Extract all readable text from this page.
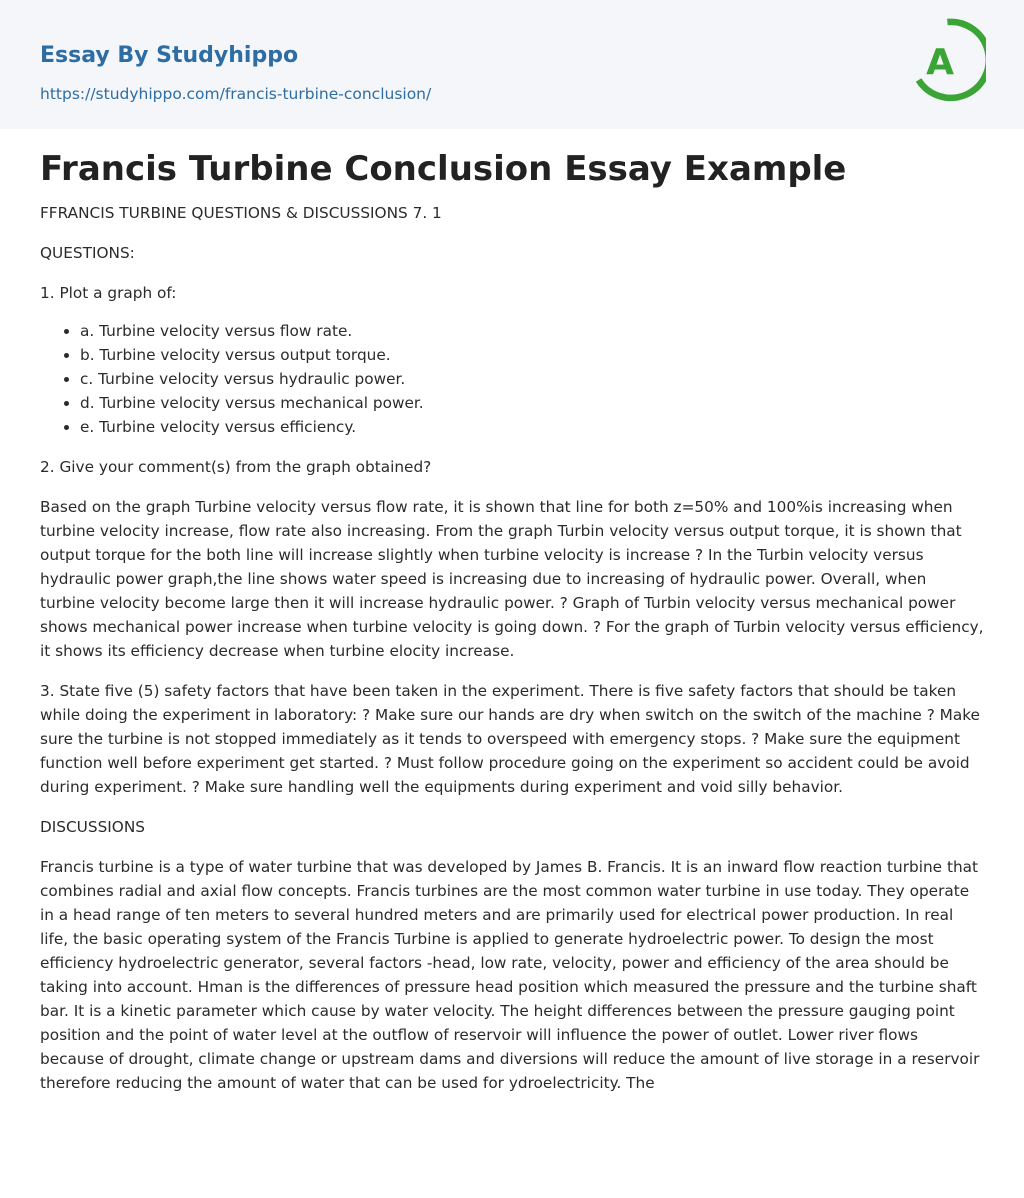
Essay By Studyhippo
https://studyhippo.com/francis-turbine-conclusion/
A
Francis Turbine Conclusion Essay Example

FFRANCIS TURBINE QUESTIONS & DISCUSSIONS 7. 1

QUESTIONS:

1. Plot a graph of:

• a. Turbine velocity versus flow rate.
• b. Turbine velocity versus output torque.
• c. Turbine velocity versus hydraulic power.
• d. Turbine velocity versus mechanical power.
• e. Turbine velocity versus efficiency.

2. Give your comment(s) from the graph obtained?

Based on the graph Turbine velocity versus flow rate, it is shown that line for both z=50% and 100%is increasing when turbine velocity increase, flow rate also increasing. From the graph Turbin velocity versus output torque, it is shown that output torque for the both line will increase slightly when turbine velocity is increase ? In the Turbin velocity versus hydraulic power graph,the line shows water speed is increasing due to increasing of hydraulic power. Overall, when turbine velocity become large then it will increase hydraulic power. ? Graph of Turbin velocity versus mechanical power shows mechanical power increase when turbine velocity is going down. ? For the graph of Turbin velocity versus efficiency, it shows its efficiency decrease when turbine elocity increase.

3. State five (5) safety factors that have been taken in the experiment. There is five safety factors that should be taken while doing the experiment in laboratory: ? Make sure our hands are dry when switch on the switch of the machine ? Make sure the turbine is not stopped immediately as it tends to overspeed with emergency stops. ? Make sure the equipment function well before experiment get started. ? Must follow procedure going on the experiment so accident could be avoid during experiment. ? Make sure handling well the equipments during experiment and void silly behavior.

DISCUSSIONS

Francis turbine is a type of water turbine that was developed by James B. Francis. It is an inward flow reaction turbine that combines radial and axial flow concepts. Francis turbines are the most common water turbine in use today. They operate in a head range of ten meters to several hundred meters and are primarily used for electrical power production. In real life, the basic operating system of the Francis Turbine is applied to generate hydroelectric power. To design the most efficiency hydroelectric generator, several factors -head, low rate, velocity, power and efficiency of the area should be taking into account. Hman is the differences of pressure head position which measured the pressure and the turbine shaft bar. It is a kinetic parameter which cause by water velocity. The height differences between the pressure gauging point position and the point of water level at the outflow of reservoir will influence the power of outlet. Lower river flows because of drought, climate change or upstream dams and diversions will reduce the amount of live storage in a reservoir therefore reducing the amount of water that can be used for ydroelectricity. The
